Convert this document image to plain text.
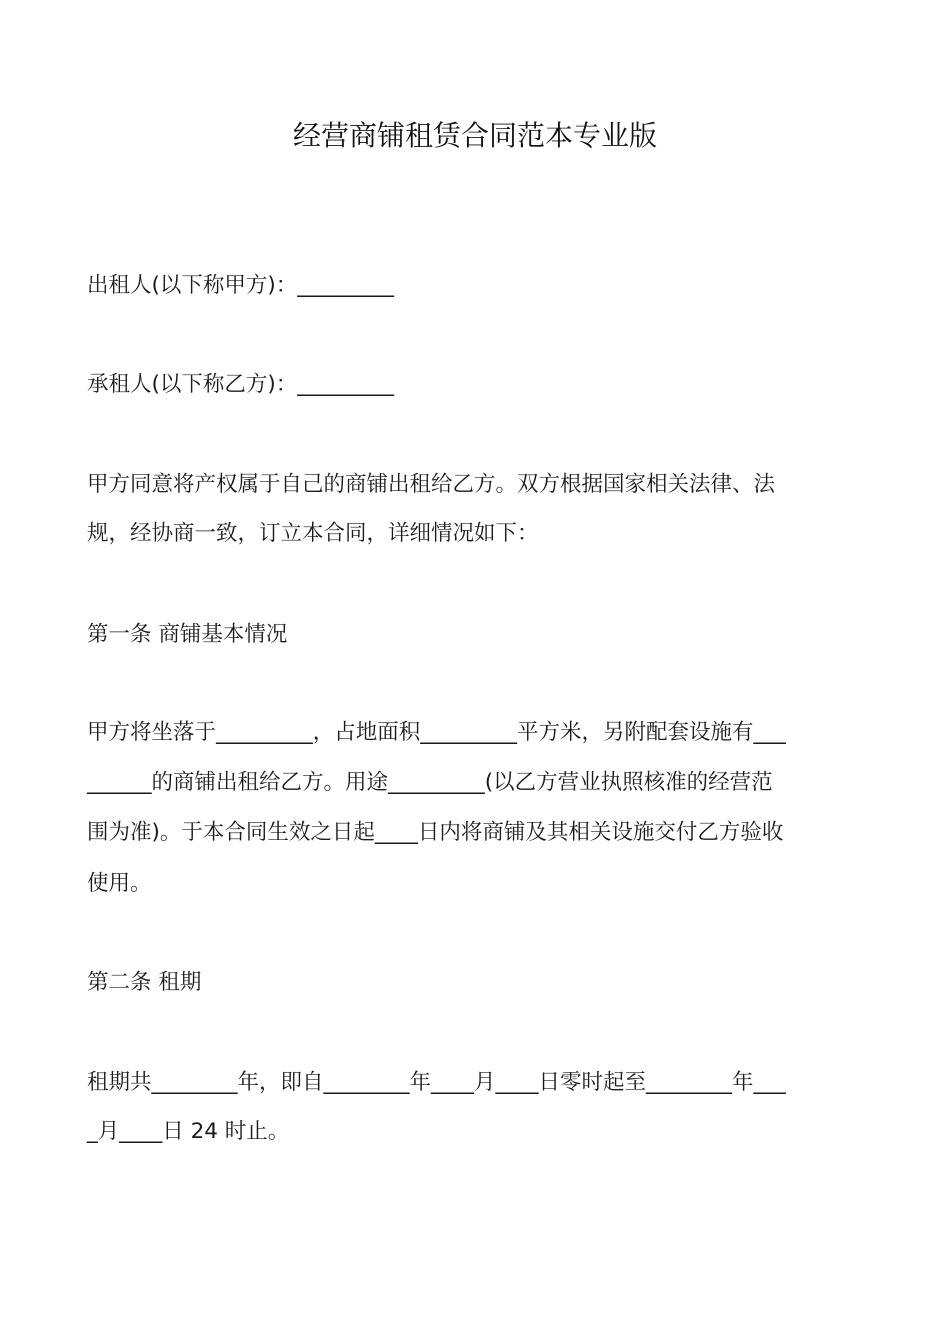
经营商铺租赁合同范本专业版
出租人(以下称甲方)：_________
承租人(以下称乙方)：_________
甲方同意将产权属于自己的商铺出租给乙方。双方根据国家相关法律、法
规，经协商一致，订立本合同，详细情况如下：
第一条 商铺基本情况
甲方将坐落于_________，占地面积_________平方米，另附配套设施有___
______的商铺出租给乙方。用途_________(以乙方营业执照核准的经营范
围为准)。于本合同生效之日起____日内将商铺及其相关设施交付乙方验收
使用。
第二条 租期
租期共________年，即自________年____月____日零时起至________年___
_月____日 24 时止。
